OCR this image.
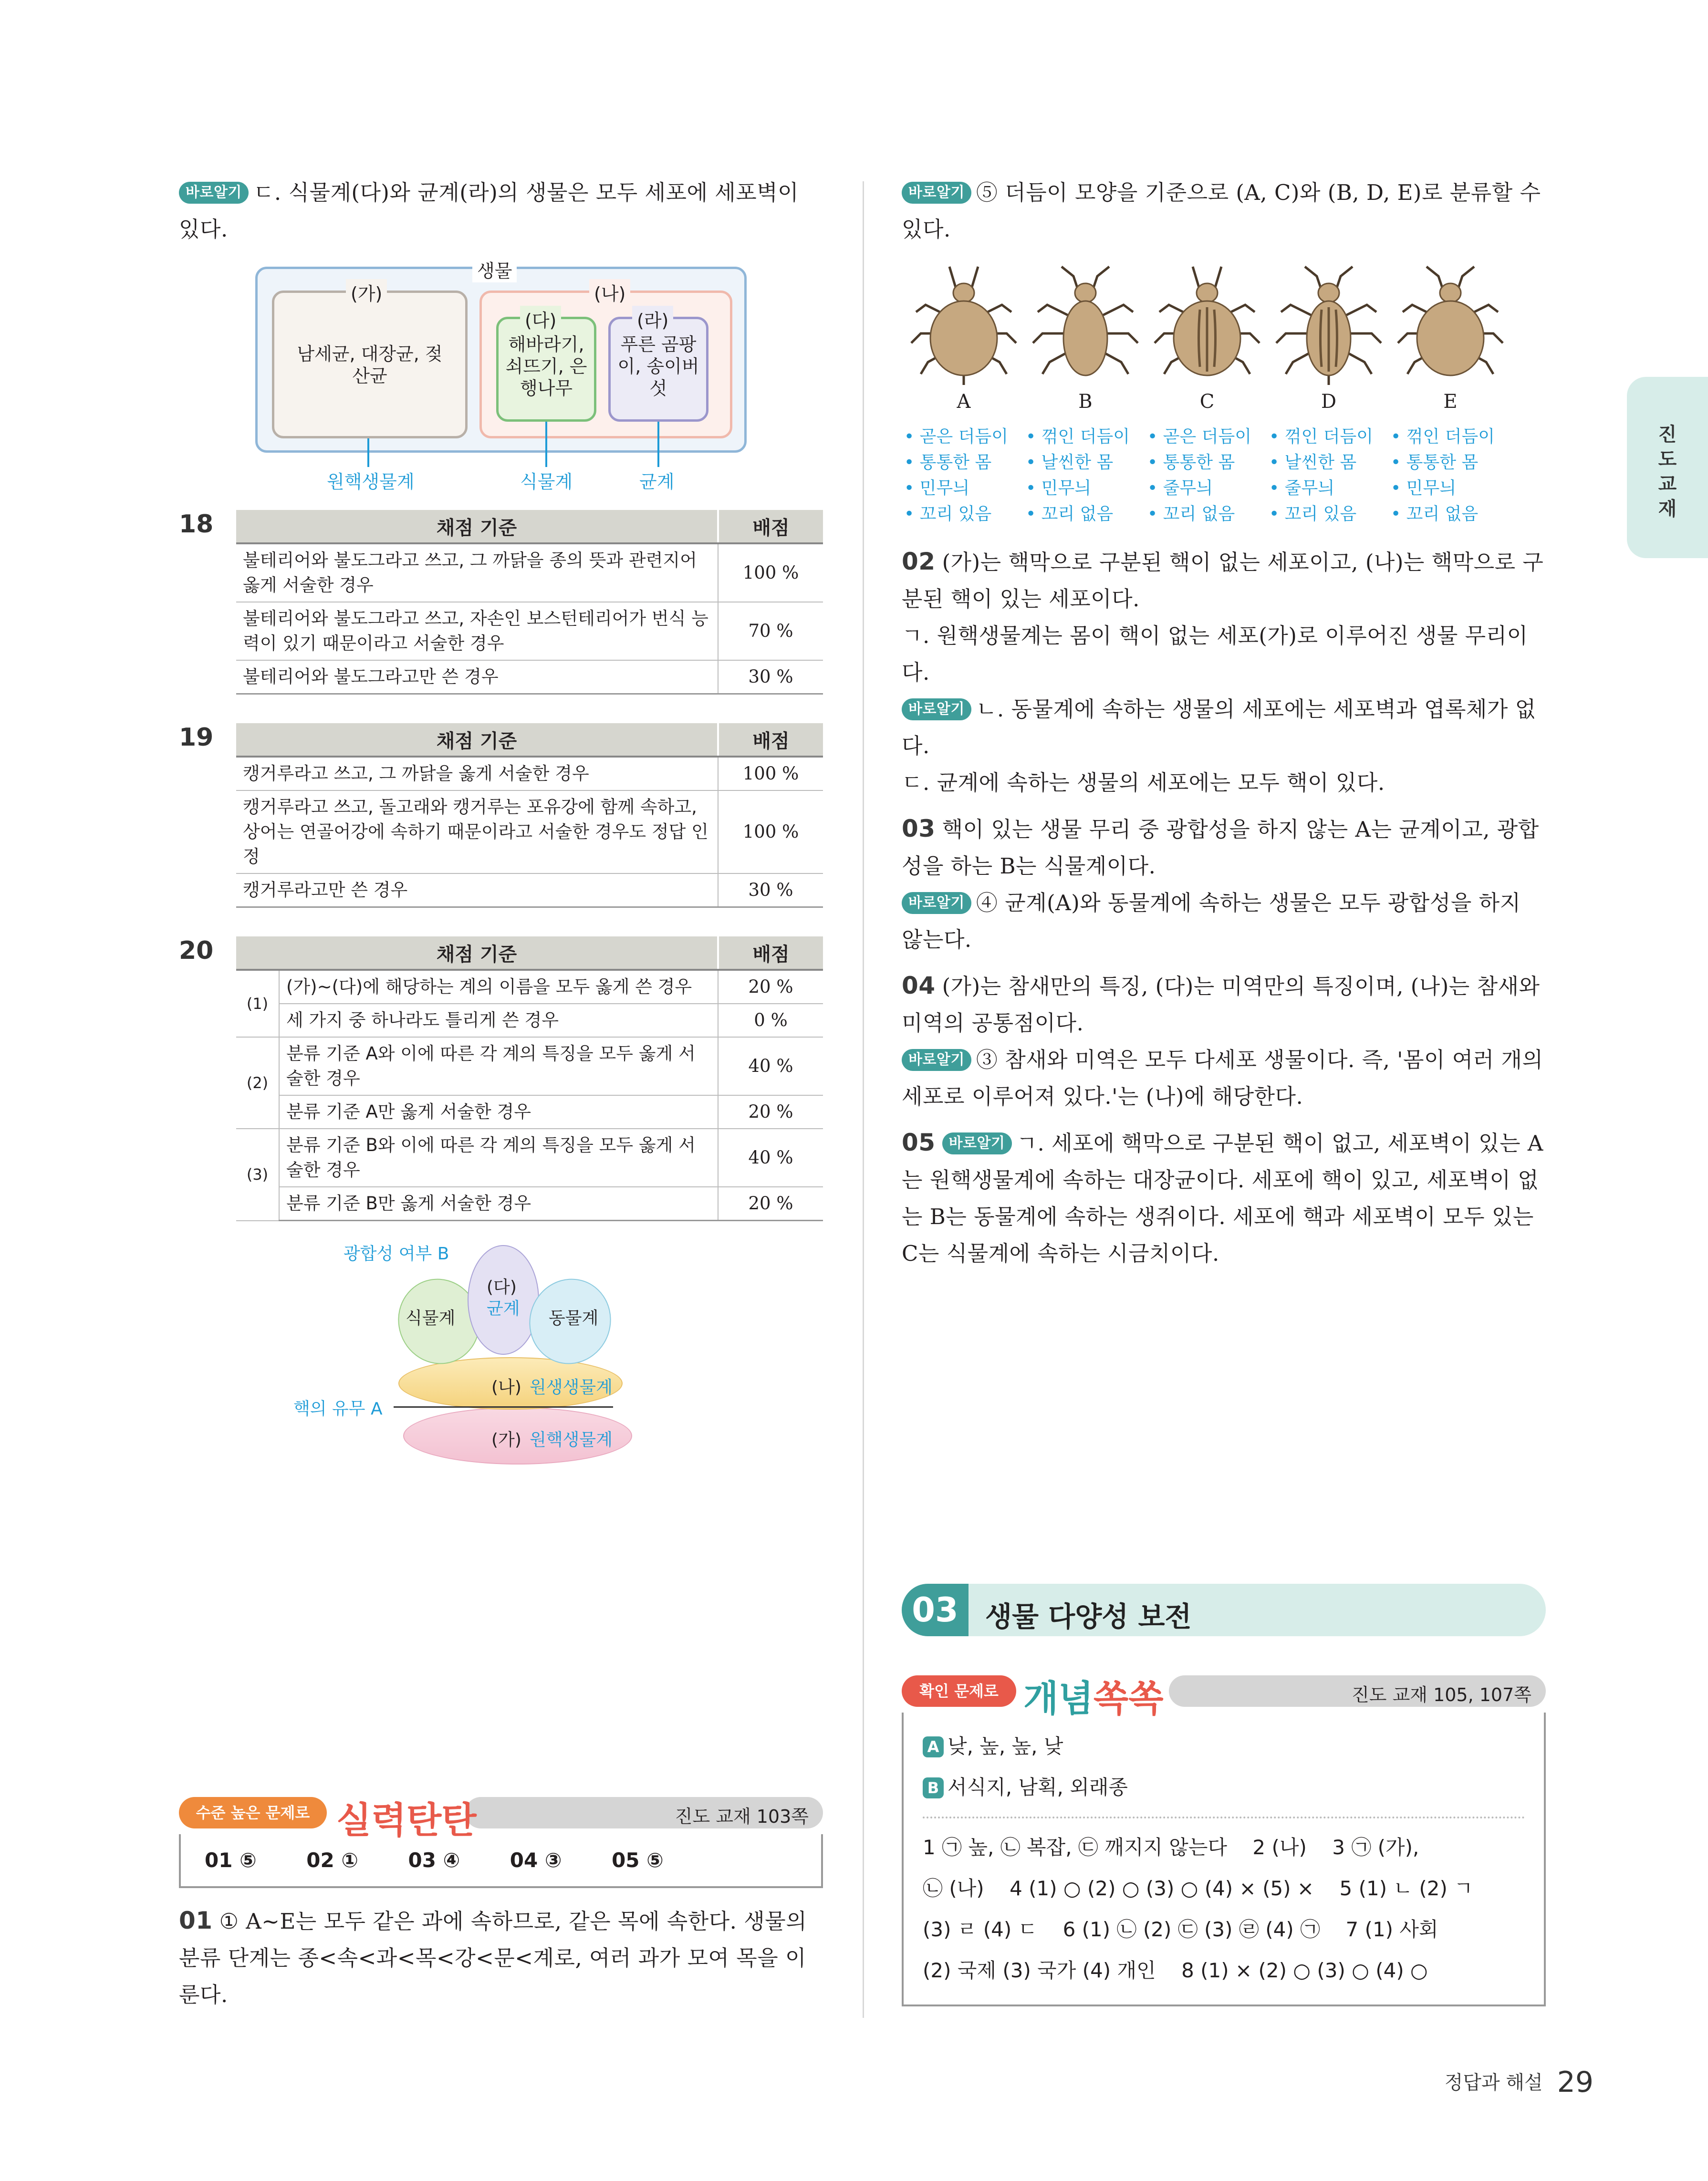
바로알기 ㄷ. 식물계(다)와 균계(라)의 생물은 모두 세포에 세포벽이 있다.

생물
(가)	(나)
(다)	(라)
남세균, 대장균, 젖산균
해바라기, 쇠뜨기, 은행나무
푸른 곰팡이, 송이버섯
원핵생물계	식물계	균계
18	채점 기준	배점
불테리어와 불도그라고 쓰고, 그 까닭을 종의 뜻과 관련지어 옳게 서술한 경우	100 %
불테리어와 불도그라고 쓰고, 자손인 보스턴테리어가 번식 능력이 있기 때문이라고 서술한 경우	70 %
불테리어와 불도그라고만 쓴 경우	30 %
19	채점 기준	배점
캥거루라고 쓰고, 그 까닭을 옳게 서술한 경우	100 %
캥거루라고 쓰고, 돌고래와 캥거루는 포유강에 함께 속하고, 상어는 연골어강에 속하기 때문이라고 서술한 경우도 정답 인정	100 %
캥거루라고만 쓴 경우	30 %
20	채점 기준		배점
(1)	(가)~(다)에 해당하는 계의 이름을 모두 옳게 쓴 경우	20 %
	세 가지 중 하나라도 틀리게 쓴 경우	0 %
(2)	분류 기준 A와 이에 따른 각 계의 특징을 모두 옳게 서술한 경우	40 %
	분류 기준 A만 옳게 서술한 경우	20 %
(3)	분류 기준 B와 이에 따른 각 계의 특징을 모두 옳게 서술한 경우	40 %
	분류 기준 B만 옳게 서술한 경우	20 %
광합성 여부 B
식물계
(다)
균계 동물계
(나) 원생생물계
핵의 유무 A
(가) 원핵생물계
수준 높은 문제로 실력탄탄	진도 교재 103쪽
01 ⑤ 02 ① 03 ④ 04 ③ 05 ⑤

01 ① A~E는 모두 같은 과에 속하므로, 같은 목에 속한다. 생물의 분류 단계는 종<속<과<목<강<문<계로, 여러 과가 모여 목을 이룬다.

바로알기 ⑤ 더듬이 모양을 기준으로 (A, C)와 (B, D, E)로 분류할 수 있다.

A
• 곧은 더듬이
• 통통한 몸
• 민무늬
• 꼬리 있음
B
• 꺾인 더듬이
• 날씬한 몸
• 민무늬
• 꼬리 없음
C
• 곧은 더듬이
• 통통한 몸
• 줄무늬
• 꼬리 없음
D
• 꺾인 더듬이
• 날씬한 몸
• 줄무늬
• 꼬리 있음
E
• 꺾인 더듬이
• 통통한 몸
• 민무늬
• 꼬리 없음

02 (가)는 핵막으로 구분된 핵이 없는 세포이고, (나)는 핵막으로 구분된 핵이 있는 세포이다.

ㄱ. 원핵생물계는 몸이 핵이 없는 세포(가)로 이루어진 생물 무리이다.

바로알기 ㄴ. 동물계에 속하는 생물의 세포에는 세포벽과 엽록체가 없다.

ㄷ. 균계에 속하는 생물의 세포에는 모두 핵이 있다.

03 핵이 있는 생물 무리 중 광합성을 하지 않는 A는 균계이고, 광합성을 하는 B는 식물계이다.

바로알기 ④ 균계(A)와 동물계에 속하는 생물은 모두 광합성을 하지 않는다.

04 (가)는 참새만의 특징, (다)는 미역만의 특징이며, (나)는 참새와 미역의 공통점이다.

바로알기 ③ 참새와 미역은 모두 다세포 생물이다. 즉, '몸이 여러 개의 세포로 이루어져 있다.'는 (나)에 해당한다.

05 바로알기 ㄱ. 세포에 핵막으로 구분된 핵이 없고, 세포벽이 있는 A는 원핵생물계에 속하는 대장균이다. 세포에 핵이 있고, 세포벽이 없는 B는 동물계에 속하는 생쥐이다. 세포에 핵과 세포벽이 모두 있는 C는 식물계에 속하는 시금치이다.

03 생물 다양성 보전
확인 문제로 개념쏙쏙	진도 교재 105, 107쪽
A 낮, 높, 높, 낮
B 서식지, 남획, 외래종
1 ㉠ 높, ㉡ 복잡, ㉢ 깨지지 않는다    2 (나)    3 ㉠ (가),
㉡ (나)    4 (1) ○ (2) ○ (3) ○ (4) × (5) ×    5 (1) ㄴ (2) ㄱ
(3) ㄹ (4) ㄷ    6 (1) ㉡ (2) ㉢ (3) ㉣ (4) ㉠    7 (1) 사회
(2) 국제 (3) 국가 (4) 개인    8 (1) × (2) ○ (3) ○ (4) ○
진도 교재
정답과 해설 29
